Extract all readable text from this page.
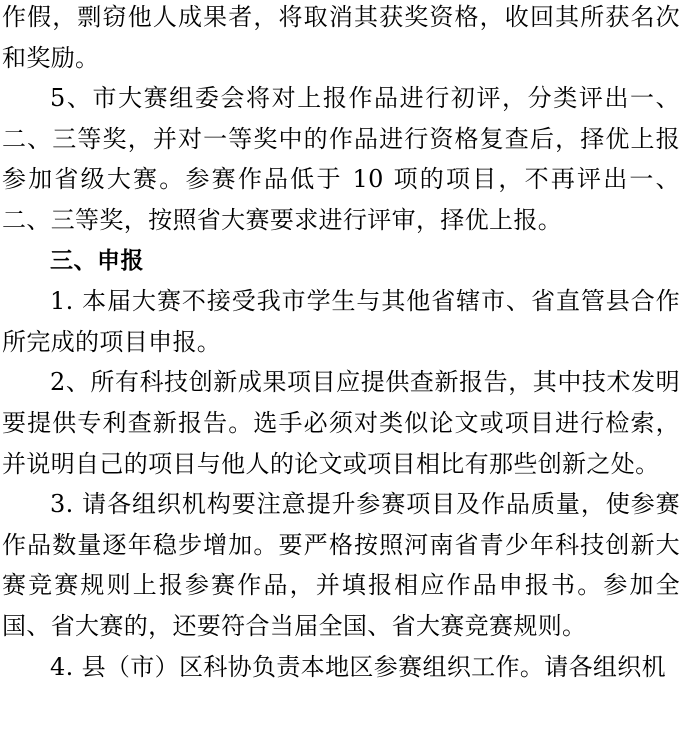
作假，剽窃他人成果者，将取消其获奖资格，收回其所获名次和奖励。

5、市大赛组委会将对上报作品进行初评，分类评出一、二、三等奖，并对一等奖中的作品进行资格复查后，择优上报参加省级大赛。参赛作品低于 10 项的项目，不再评出一、二、三等奖，按照省大赛要求进行评审，择优上报。

三、申报

1. 本届大赛不接受我市学生与其他省辖市、省直管县合作所完成的项目申报。

2、所有科技创新成果项目应提供查新报告，其中技术发明要提供专利查新报告。选手必须对类似论文或项目进行检索，并说明自己的项目与他人的论文或项目相比有那些创新之处。

3. 请各组织机构要注意提升参赛项目及作品质量，使参赛作品数量逐年稳步增加。要严格按照河南省青少年科技创新大赛竞赛规则上报参赛作品，并填报相应作品申报书。参加全国、省大赛的，还要符合当届全国、省大赛竞赛规则。

4. 县（市）区科协负责本地区参赛组织工作。请各组织机
